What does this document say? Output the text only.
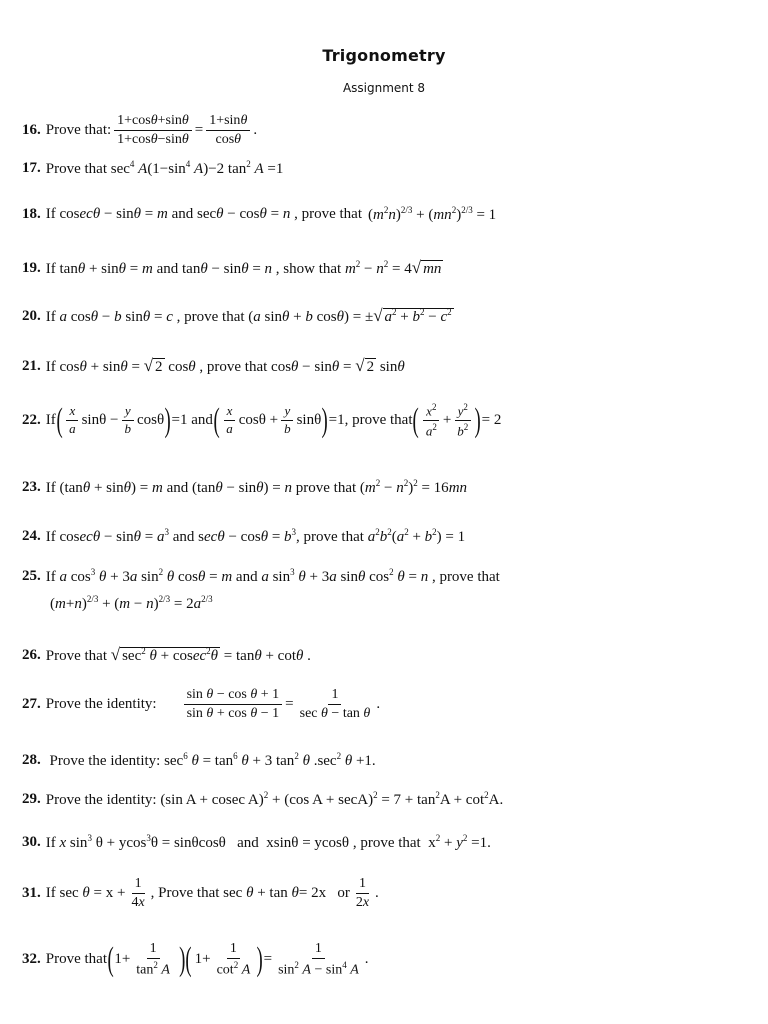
Trigonometry
Assignment 8
16. Prove that: $\frac{1+\cos\theta+\sin\theta}{1+\cos\theta-\sin\theta} = \frac{1+\sin\theta}{\cos\theta}$ .
17. Prove that $\sec^4 A(1-\sin^4$ A)−2 $\tan^2 A =1$
18. If cosecθ − sinθ = m and secθ − cosθ = n , prove that $(m^2n)^{2/3} + (mn^2)^{2/3} = 1$
19. If tanθ + sinθ = m and tanθ − sinθ = n , show that $m^2 - n^2 = 4√$ mn
20. If a cosθ − b sinθ = c , prove that (a sinθ + b cosθ) = ±√ $a^2 + b^2 - c^2$
21. If cosθ + sinθ = √ 2 cosθ , prove that cosθ − sinθ = √ 2 sinθ
22. If ( $\frac{x}{a}$ $\sin\theta - \frac{y}{b}$ cosθ ) =1 and ( $\frac{x}{a}$ $\cos\theta + \frac{y}{b}$ sinθ ) =1, prove that ( $\frac{x^2}{a^2} + \frac{y^2}{b^2}$ ) = 2
23. If (tanθ + sinθ) = m and (tanθ − sinθ) = n prove that $(m^2 - n^2)^2 = 16mn$
24. If $cosec\theta - \sin\theta = a^3$ and $\sec\theta - \cos\theta = b^3$, prove that $a^2b^2(a^2 + b^2) = 1$
25. If a $\cos^3 \theta + 3a$ $\sin^2 \theta$ cosθ = m and a $\sin^3 \theta + 3a$ sinθ $\cos^2 \theta = n$ , prove that
$(m+n)^{2/3} + (m - n)^{2/3} = 2a^{2/3}$
26. Prove that √ $\sec^2 \theta + cosec^2\theta = \tan\theta + \cot\theta$ .
27. Prove the identity: $\frac{\text{sin θ − cos θ + 1}}{\text{sin θ + cos θ − 1}} = \frac{1}{\text{sec θ − tan θ}}$ .
28. Prove the identity: $\sec^6 \theta = \tan^6 \theta + 3$ $\tan^2 \theta$ $.\sec^2$ θ +1.
29. Prove the identity: (sin A + cosec A)$^2$ + (cos $A + \sec A)^2 = 7 + \tan^2A + \cot^2A$.
30. If x $\sin^3 \theta + ycos^3\theta = \sin\theta\cos\theta$   and  xsinθ = ycosθ , prove that  $x^2 + y^2 =1$.
31. If $\sec \theta = x + \frac{1}{4x}$ , Prove that sec θ + tan θ= 2x   or $\frac{1}{2x}$ .
32. Prove that ( $1+ \frac{1}{\tan^2 A}$ )( $1+ \frac{1}{\cot^2 A}$ ) = $\frac{1}{\sin^2 A - \sin^4 A}$ .
